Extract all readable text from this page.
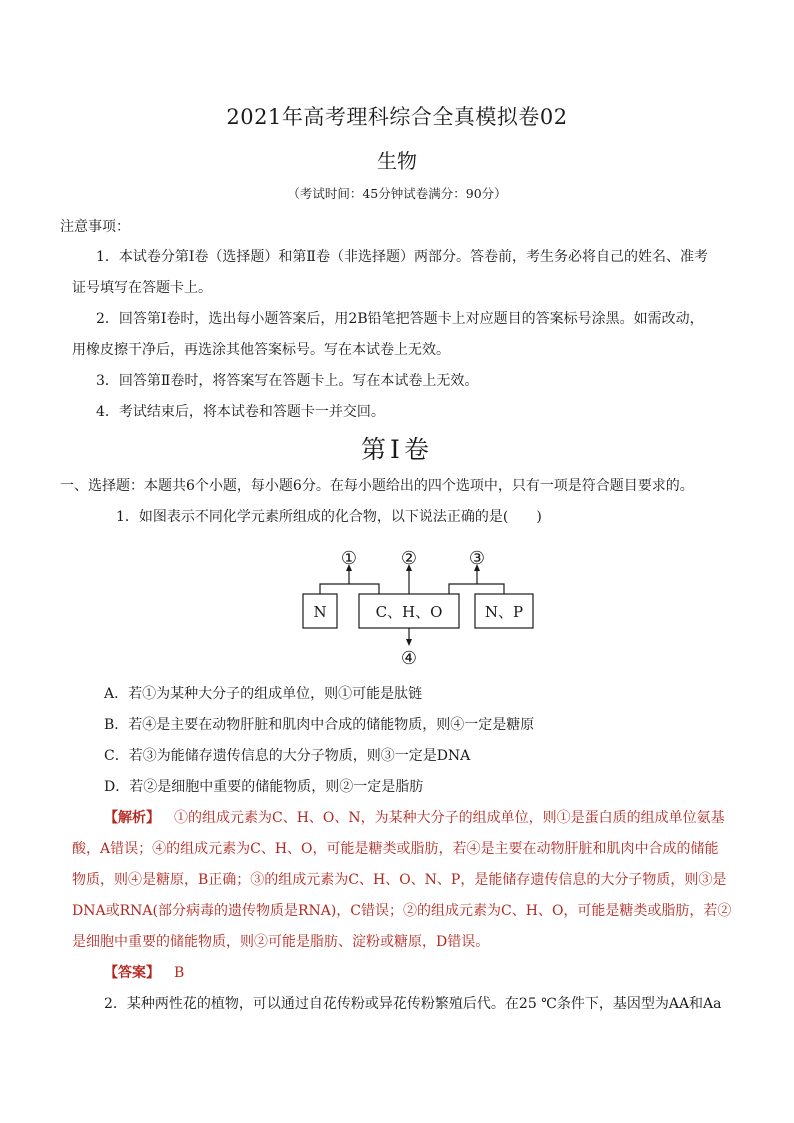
2021年高考理科综合全真模拟卷02
生物
（考试时间：45分钟试卷满分：90分）
注意事项：
1．本试卷分第Ⅰ卷（选择题）和第Ⅱ卷（非选择题）两部分。答卷前，考生务必将自己的姓名、准考
证号填写在答题卡上。
2．回答第Ⅰ卷时，选出每小题答案后，用2B铅笔把答题卡上对应题目的答案标号涂黑。如需改动，
用橡皮擦干净后，再选涂其他答案标号。写在本试卷上无效。
3．回答第Ⅱ卷时，将答案写在答题卡上。写在本试卷上无效。
4．考试结束后，将本试卷和答题卡一并交回。
第Ⅰ卷
一、选择题：本题共6个小题，每小题6分。在每小题给出的四个选项中，只有一项是符合题目要求的。
1．如图表示不同化学元素所组成的化合物，以下说法正确的是(　　)
N	C、H、O	N、P
① ②	③
④
A．若①为某种大分子的组成单位，则①可能是肽链
B．若④是主要在动物肝脏和肌肉中合成的储能物质，则④一定是糖原
C．若③为能储存遗传信息的大分子物质，则③一定是DNA
D．若②是细胞中重要的储能物质，则②一定是脂肪
【解析】 ①的组成元素为C、H、O、N，为某种大分子的组成单位，则①是蛋白质的组成单位氨基
酸，A错误；④的组成元素为C、H、O，可能是糖类或脂肪，若④是主要在动物肝脏和肌肉中合成的储能
物质，则④是糖原，B正确；③的组成元素为C、H、O、N、P，是能储存遗传信息的大分子物质，则③是
DNA或RNA(部分病毒的遗传物质是RNA)，C错误；②的组成元素为C、H、O，可能是糖类或脂肪，若②
是细胞中重要的储能物质，则②可能是脂肪、淀粉或糖原，D错误。
【答案】 B
2．某种两性花的植物，可以通过自花传粉或异花传粉繁殖后代。在25 ℃条件下，基因型为AA和Aa
